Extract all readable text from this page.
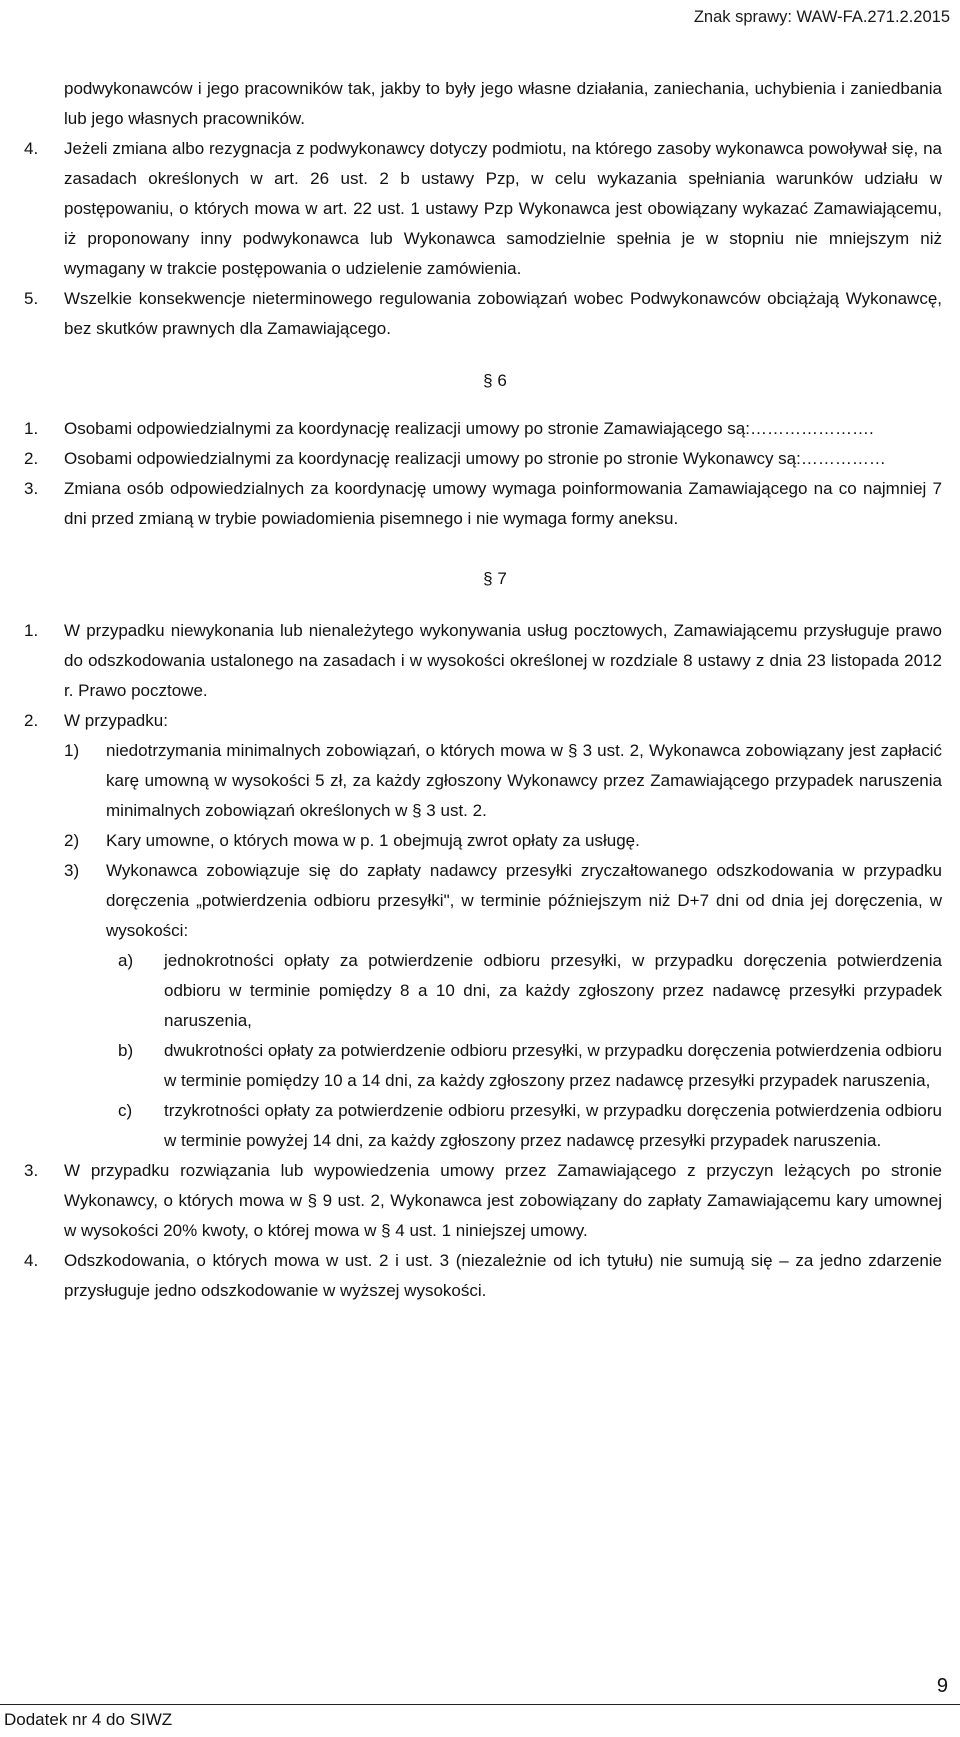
Znak sprawy: WAW-FA.271.2.2015

podwykonawców i jego pracowników tak, jakby to były jego własne działania, zaniechania, uchybienia i zaniedbania lub jego własnych pracowników.

4. Jeżeli zmiana albo rezygnacja z podwykonawcy dotyczy podmiotu, na którego zasoby wykonawca powoływał się, na zasadach określonych w art. 26 ust. 2 b ustawy Pzp, w celu wykazania spełniania warunków udziału w postępowaniu, o których mowa w art. 22 ust. 1 ustawy Pzp Wykonawca jest obowiązany wykazać Zamawiającemu, iż proponowany inny podwykonawca lub Wykonawca samodzielnie spełnia je w stopniu nie mniejszym niż wymagany w trakcie postępowania o udzielenie zamówienia.
5. Wszelkie konsekwencje nieterminowego regulowania zobowiązań wobec Podwykonawców obciążają Wykonawcę, bez skutków prawnych dla Zamawiającego.
§ 6
1. Osobami odpowiedzialnymi za koordynację realizacji umowy po stronie Zamawiającego są:………………….
2. Osobami odpowiedzialnymi za koordynację realizacji umowy po stronie po stronie Wykonawcy są:……………
3. Zmiana osób odpowiedzialnych za koordynację umowy wymaga poinformowania Zamawiającego na co najmniej 7 dni przed zmianą w trybie powiadomienia pisemnego i nie wymaga formy aneksu.
§ 7
1. W przypadku niewykonania lub nienależytego wykonywania usług pocztowych, Zamawiającemu przysługuje prawo do odszkodowania ustalonego na zasadach i w wysokości określonej w rozdziale 8 ustawy z dnia 23 listopada 2012 r. Prawo pocztowe.
2. W przypadku:
1) niedotrzymania minimalnych zobowiązań, o których mowa w § 3 ust. 2, Wykonawca zobowiązany jest zapłacić karę umowną w wysokości 5 zł, za każdy zgłoszony Wykonawcy przez Zamawiającego przypadek naruszenia minimalnych zobowiązań określonych w § 3 ust. 2.
2) Kary umowne, o których mowa w p. 1 obejmują zwrot opłaty za usługę.
3) Wykonawca zobowiązuje się do zapłaty nadawcy przesyłki zryczałtowanego odszkodowania w przypadku doręczenia „potwierdzenia odbioru przesyłki", w terminie późniejszym niż D+7 dni od dnia jej doręczenia, w wysokości:
a) jednokrotności opłaty za potwierdzenie odbioru przesyłki, w przypadku doręczenia potwierdzenia odbioru w terminie pomiędzy 8 a 10 dni, za każdy zgłoszony przez nadawcę przesyłki przypadek naruszenia,
b) dwukrotności opłaty za potwierdzenie odbioru przesyłki, w przypadku doręczenia potwierdzenia odbioru w terminie pomiędzy 10 a 14 dni, za każdy zgłoszony przez nadawcę przesyłki przypadek naruszenia,
c) trzykrotności opłaty za potwierdzenie odbioru przesyłki, w przypadku doręczenia potwierdzenia odbioru w terminie powyżej 14 dni, za każdy zgłoszony przez nadawcę przesyłki przypadek naruszenia.
3. W przypadku rozwiązania lub wypowiedzenia umowy przez Zamawiającego z przyczyn leżących po stronie Wykonawcy, o których mowa w § 9 ust. 2, Wykonawca jest zobowiązany do zapłaty Zamawiającemu kary umownej w wysokości 20% kwoty, o której mowa w § 4 ust. 1 niniejszej umowy.
4. Odszkodowania, o których mowa w ust. 2 i ust. 3 (niezależnie od ich tytułu) nie sumują się – za jedno zdarzenie przysługuje jedno odszkodowanie w wyższej wysokości.
9
Dodatek nr 4 do SIWZ
